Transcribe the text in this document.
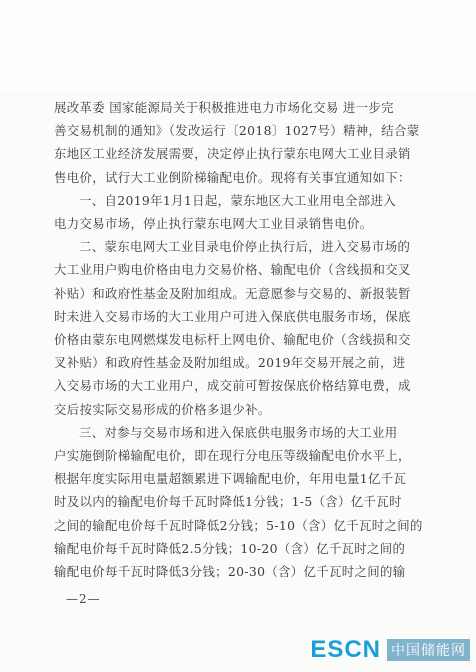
展改革委 国家能源局关于积极推进电力市场化交易 进一步完
善交易机制的通知》（发改运行〔2018〕1027号）精神，结合蒙
东地区工业经济发展需要，决定停止执行蒙东电网大工业目录销
售电价，试行大工业倒阶梯输配电价。现将有关事宜通知如下：
一、自2019年1月1日起，蒙东地区大工业用电全部进入
电力交易市场，停止执行蒙东电网大工业目录销售电价。
二、蒙东电网大工业目录电价停止执行后，进入交易市场的
大工业用户购电价格由电力交易价格、输配电价（含线损和交叉
补贴）和政府性基金及附加组成。无意愿参与交易的、新报装暂
时未进入交易市场的大工业用户可进入保底供电服务市场，保底
价格由蒙东电网燃煤发电标杆上网电价、输配电价（含线损和交
叉补贴）和政府性基金及附加组成。2019年交易开展之前，进
入交易市场的大工业用户，成交前可暂按保底价格结算电费，成
交后按实际交易形成的价格多退少补。
三、对参与交易市场和进入保底供电服务市场的大工业用
户实施倒阶梯输配电价，即在现行分电压等级输配电价水平上，
根据年度实际用电量超额累进下调输配电价，年用电量1亿千瓦
时及以内的输配电价每千瓦时降低1分钱；1-5（含）亿千瓦时
之间的输配电价每千瓦时降低2分钱；5-10（含）亿千瓦时之间的
输配电价每千瓦时降低2.5分钱；10-20（含）亿千瓦时之间的
输配电价每千瓦时降低3分钱；20-30（含）亿千瓦时之间的输
—2—
ESCN 中国储能网
